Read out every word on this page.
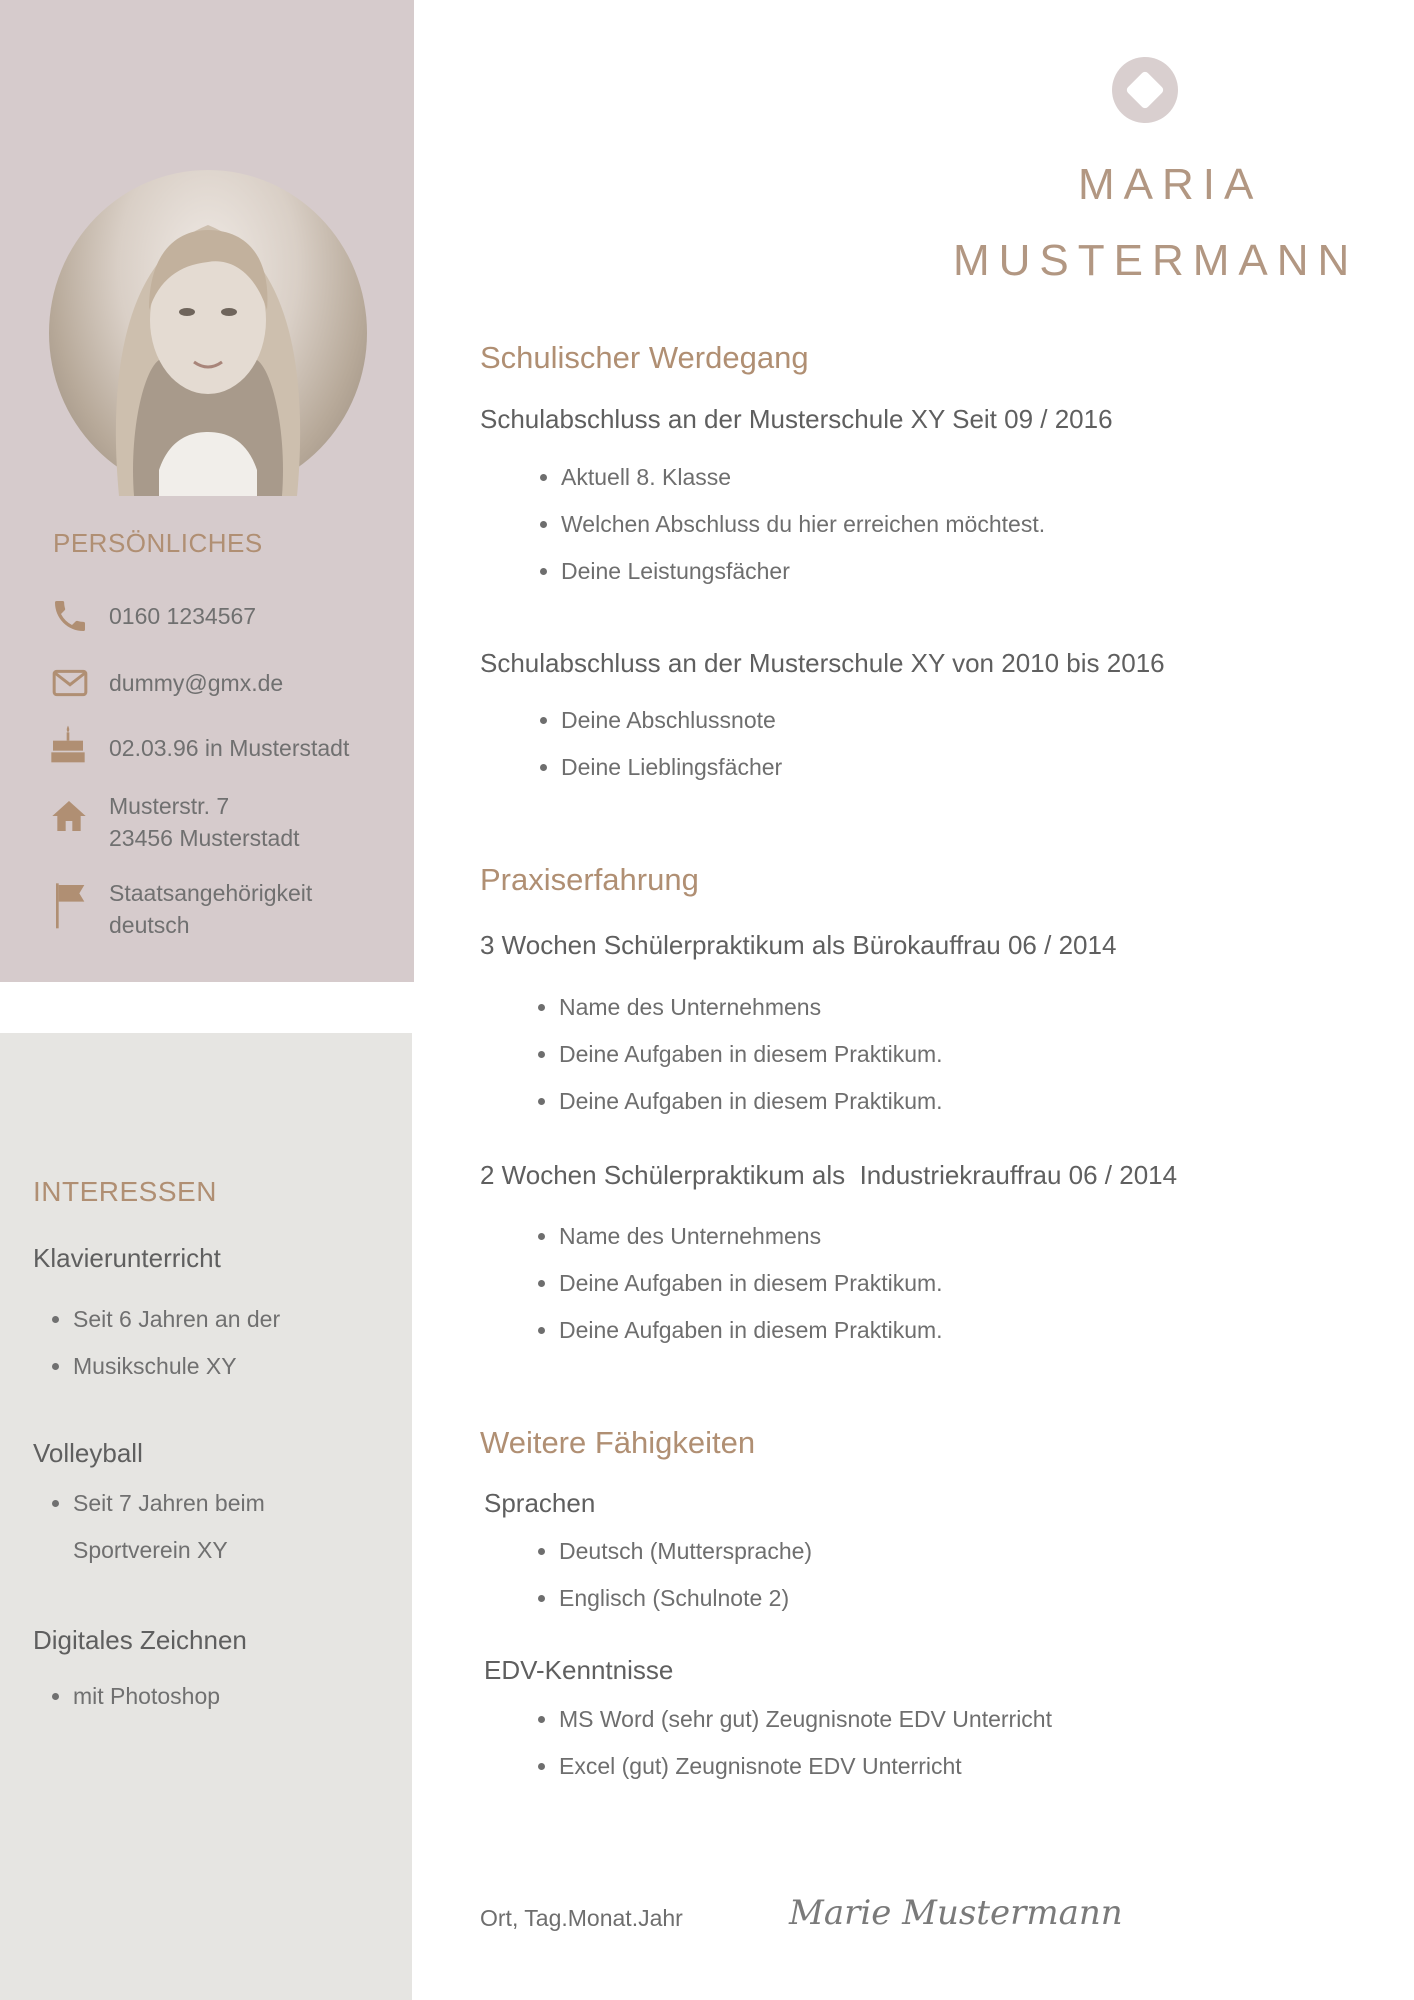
PERSÖNLICHES
0160 1234567
dummy@gmx.de
02.03.96 in Musterstadt
Musterstr. 7
23456 Musterstadt
Staatsangehörigkeit
deutsch
INTERESSEN
Klavierunterricht
• Seit 6 Jahren an der
• Musikschule XY
Volleyball
• Seit 7 Jahren beim
Sportverein XY
Digitales Zeichnen
• mit Photoshop
MARIA
MUSTERMANN
Schulischer Werdegang
Schulabschluss an der Musterschule XY Seit 09 / 2016
• Aktuell 8. Klasse
• Welchen Abschluss du hier erreichen möchtest.
• Deine Leistungsfächer
Schulabschluss an der Musterschule XY von 2010 bis 2016
• Deine Abschlussnote
• Deine Lieblingsfächer
Praxiserfahrung
3 Wochen Schülerpraktikum als Bürokauffrau 06 / 2014
• Name des Unternehmens
• Deine Aufgaben in diesem Praktikum.
• Deine Aufgaben in diesem Praktikum.
2 Wochen Schülerpraktikum als  Industriekrauffrau 06 / 2014
• Name des Unternehmens
• Deine Aufgaben in diesem Praktikum.
• Deine Aufgaben in diesem Praktikum.
Weitere Fähigkeiten
Sprachen
• Deutsch (Muttersprache)
• Englisch (Schulnote 2)
EDV-Kenntnisse
• MS Word (sehr gut) Zeugnisnote EDV Unterricht
• Excel (gut) Zeugnisnote EDV Unterricht
Ort, Tag.Monat.Jahr	Marie Mustermann
